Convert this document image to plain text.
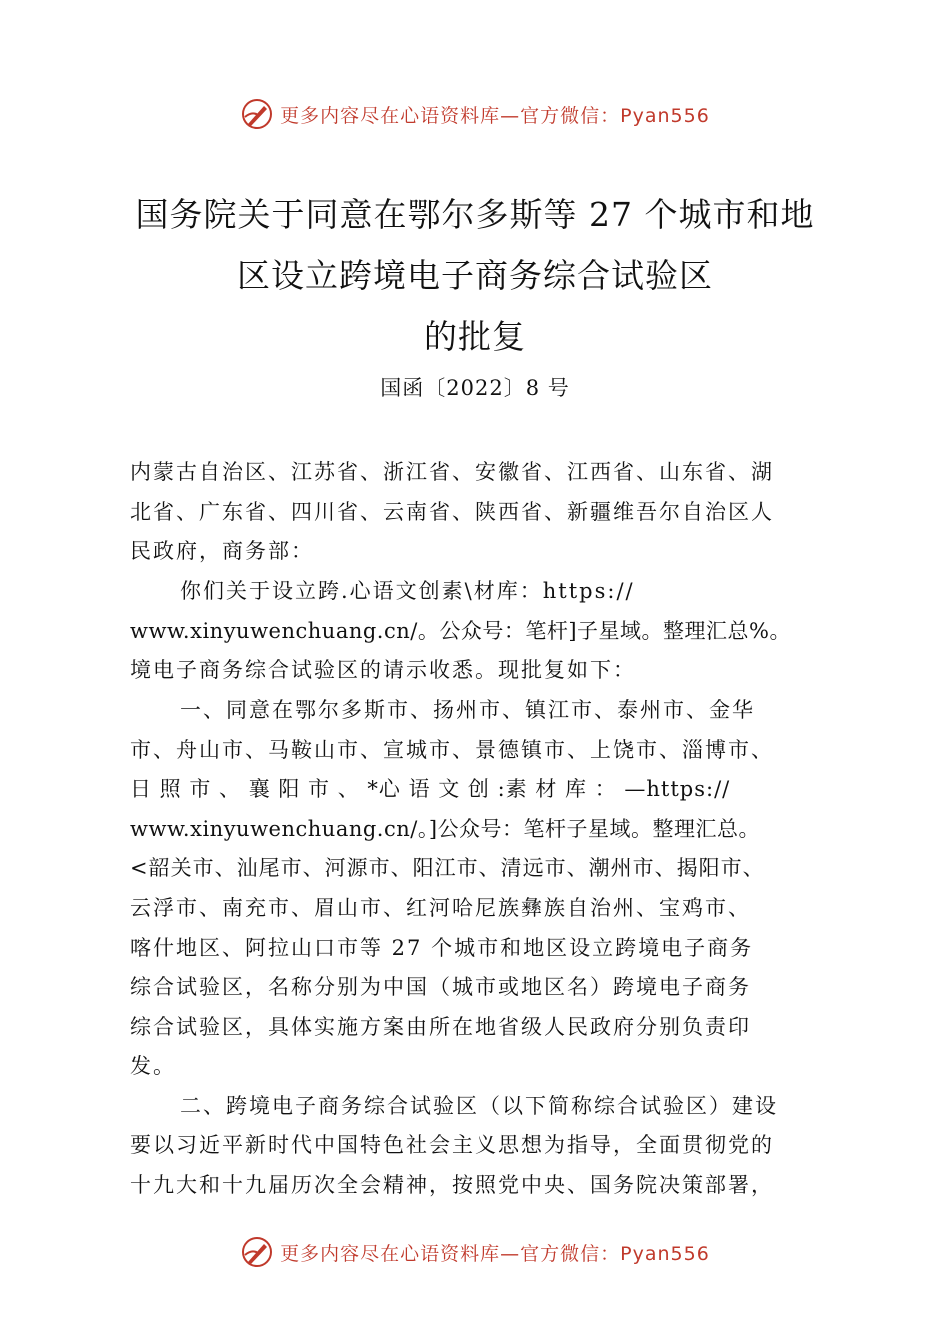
更多内容尽在心语资料库—官方微信：Pyan556
国务院关于同意在鄂尔多斯等 27 个城市和地
区设立跨境电子商务综合试验区
的批复
国函〔2022〕8 号
内蒙古自治区、江苏省、浙江省、安徽省、江西省、山东省、湖
北省、广东省、四川省、云南省、陕西省、新疆维吾尔自治区人
民政府，商务部：
你们关于设立跨.心语文创素\材库：https://
www.xinyuwenchuang.cn/。公众号：笔杆]子星域。整理汇总%。
境电子商务综合试验区的请示收悉。现批复如下：
一、同意在鄂尔多斯市、扬州市、镇江市、泰州市、金华
市、舟山市、马鞍山市、宣城市、景德镇市、上饶市、淄博市、
日 照 市 、 襄 阳 市 、 *心 语 文 创 :素 材 库 ： —https://
www.xinyuwenchuang.cn/。]公众号：笔杆子星域。整理汇总。
<韶关市、汕尾市、河源市、阳江市、清远市、潮州市、揭阳市、
云浮市、南充市、眉山市、红河哈尼族彝族自治州、宝鸡市、
喀什地区、阿拉山口市等 27 个城市和地区设立跨境电子商务
综合试验区，名称分别为中国（城市或地区名）跨境电子商务
综合试验区，具体实施方案由所在地省级人民政府分别负责印
发。
二、跨境电子商务综合试验区（以下简称综合试验区）建设
要以习近平新时代中国特色社会主义思想为指导，全面贯彻党的
十九大和十九届历次全会精神，按照党中央、国务院决策部署，
更多内容尽在心语资料库—官方微信：Pyan556
